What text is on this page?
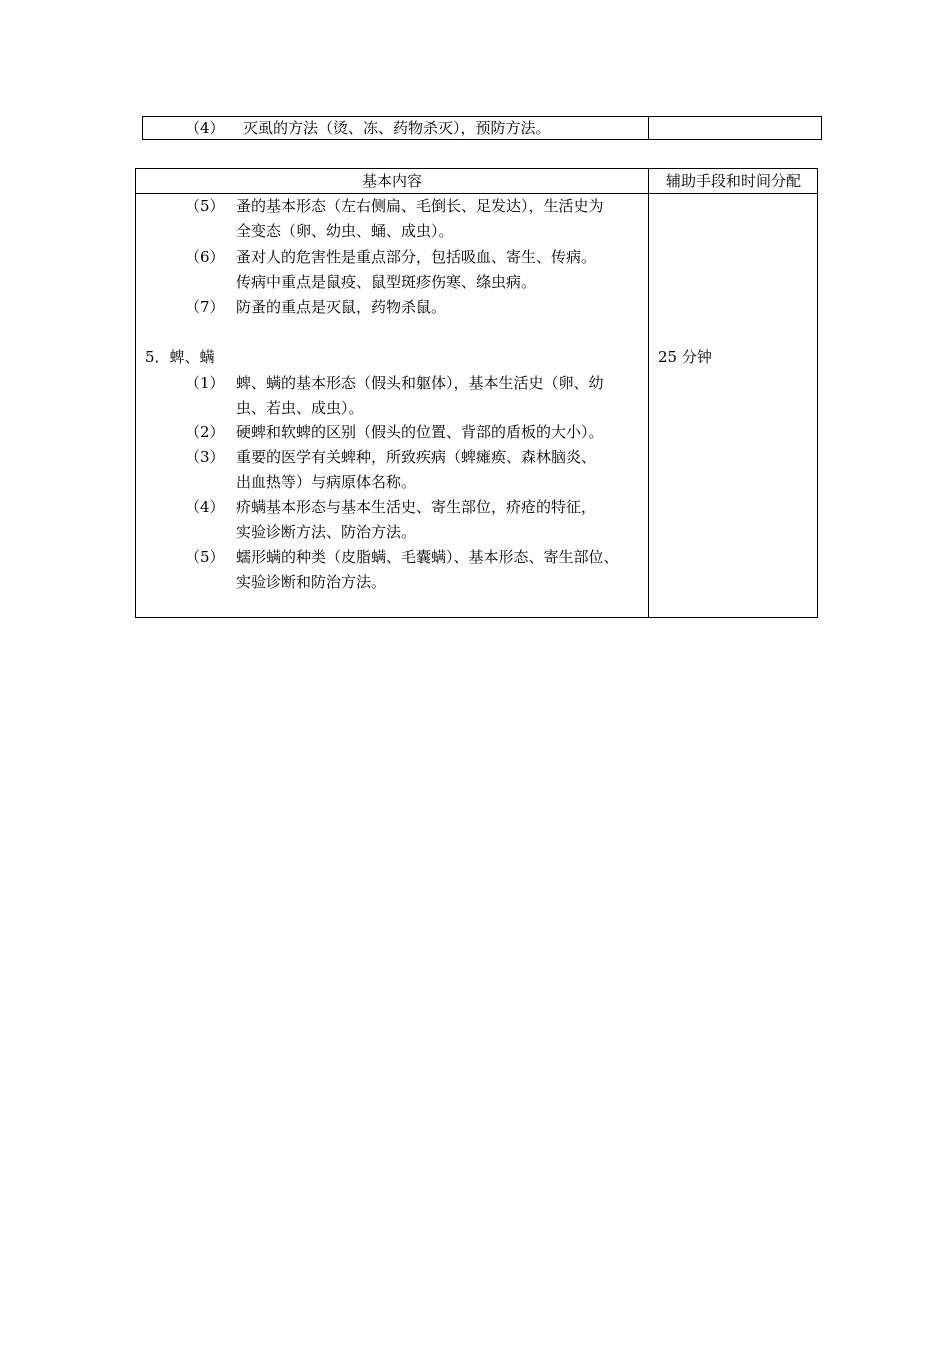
（4） 灭虱的方法（烫、冻、药物杀灭），预防方法。
基本内容	辅助手段和时间分配
（5） 蚤的基本形态（左右侧扁、毛倒长、足发达），生活史为
全变态（卵、幼虫、蛹、成虫）。
（6） 蚤对人的危害性是重点部分，包括吸血、寄生、传病。
传病中重点是鼠疫、鼠型斑疹伤寒、绦虫病。
（7） 防蚤的重点是灭鼠，药物杀鼠。
5．蜱、螨	25 分钟
（1） 蜱、螨的基本形态（假头和躯体），基本生活史（卵、幼
虫、若虫、成虫）。
（2） 硬蜱和软蜱的区别（假头的位置、背部的盾板的大小）。
（3） 重要的医学有关蜱种，所致疾病（蜱瘫痪、森林脑炎、
出血热等）与病原体名称。
（4） 疥螨基本形态与基本生活史、寄生部位，疥疮的特征，
实验诊断方法、防治方法。
（5） 蠕形螨的种类（皮脂螨、毛囊螨）、基本形态、寄生部位、
实验诊断和防治方法。
